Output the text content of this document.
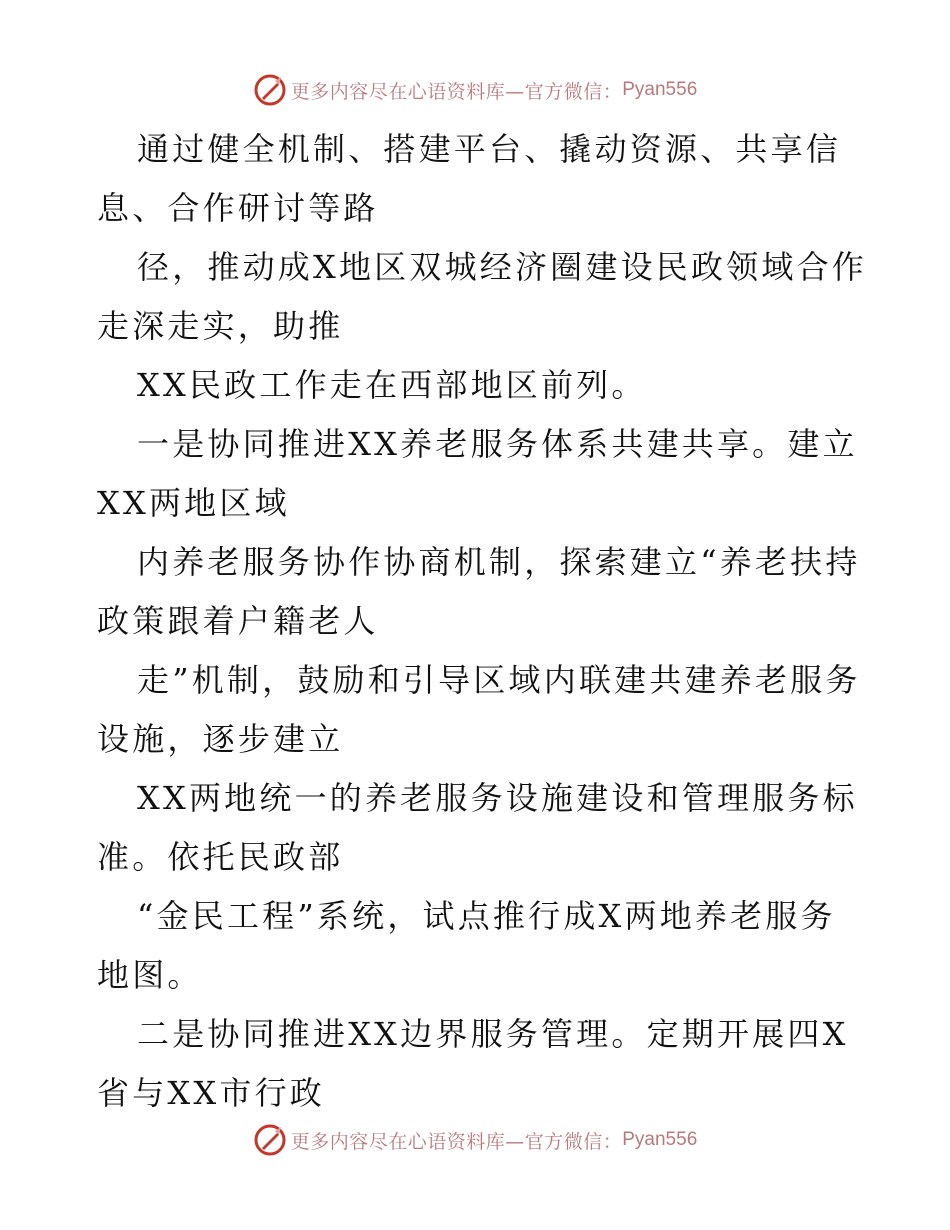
更多内容尽在心语资料库—官方微信： Pyan556
通过健全机制、搭建平台、撬动资源、共享信
息、合作研讨等路
径，推动成X地区双城经济圈建设民政领域合作
走深走实，助推
XX民政工作走在西部地区前列。
一是协同推进XX养老服务体系共建共享。建立
XX两地区域
内养老服务协作协商机制，探索建立“养老扶持
政策跟着户籍老人
走”机制，鼓励和引导区域内联建共建养老服务
设施，逐步建立
XX两地统一的养老服务设施建设和管理服务标
准。依托民政部
“金民工程”系统，试点推行成X两地养老服务
地图。
二是协同推进XX边界服务管理。定期开展四X
省与XX市行政
更多内容尽在心语资料库—官方微信： Pyan556
